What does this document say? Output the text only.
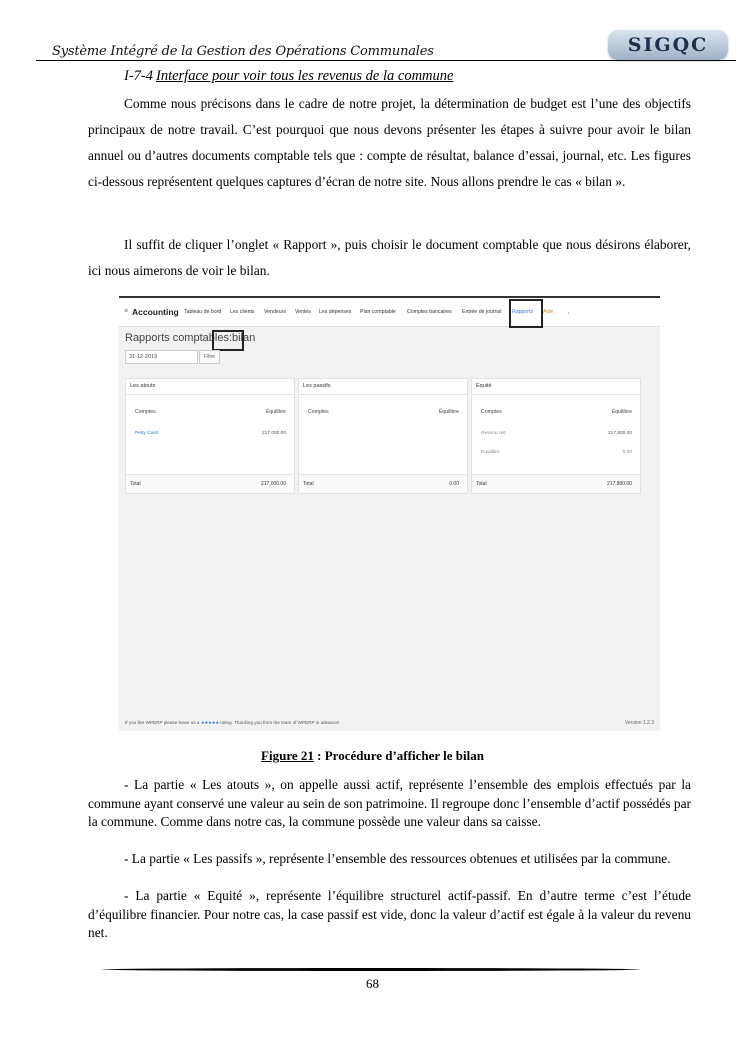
Système Intégré de la Gestion des Opérations Communales	SIGQC
I-7-4 Interface pour voir tous les revenus de la commune
Comme nous précisons dans le cadre de notre projet, la détermination de budget est l’une des objectifs principaux de notre travail. C’est pourquoi que nous devons présenter les étapes à suivre pour avoir le bilan annuel ou d’autres documents comptable tels que : compte de résultat, balance d’essai, journal, etc. Les figures ci-dessous représentent quelques captures d’écran de notre site. Nous allons prendre le cas « bilan ».
Il suffit de cliquer l’onglet « Rapport », puis choisir le document comptable que nous désirons élaborer, ici nous aimerons de voir le bilan.
≡ Accounting Tableau de bord Les clients Vendeurs Ventes Les dépenses Plan comptable Comptes bancaires Entrée de journal Rapports Aide	,
Rapports comptables:bilan
31-12-2019	Filtre
Les atouts
Comptes	Équilibre
Petty Cash	217,000.00
Total	217,000.00
Les passifs
Comptes	Équilibre
Total	0.00
Équité
Comptes	Équilibre
Revenu net	217,800.00
Équilibre	0.00
Total	217,800.00
If you like WPERP please leave us a ★★★★★ rating. Thanking you from the team of WPERP in advance!	Version 1.2.3
Figure 21 : Procédure d’afficher le bilan
- La partie « Les atouts », on appelle aussi actif, représente l’ensemble des emplois effectués par la commune ayant conservé une valeur au sein de son patrimoine. Il regroupe donc l’ensemble d’actif possédés par la commune. Comme dans notre cas, la commune possède une valeur dans sa caisse.
- La partie « Les passifs », représente l’ensemble des ressources obtenues et utilisées par la commune.
- La partie « Equité », représente l’équilibre structurel actif-passif. En d’autre terme c’est l’étude d’équilibre financier. Pour notre cas, la case passif est vide, donc la valeur d’actif est égale à la valeur du revenu net.
68
